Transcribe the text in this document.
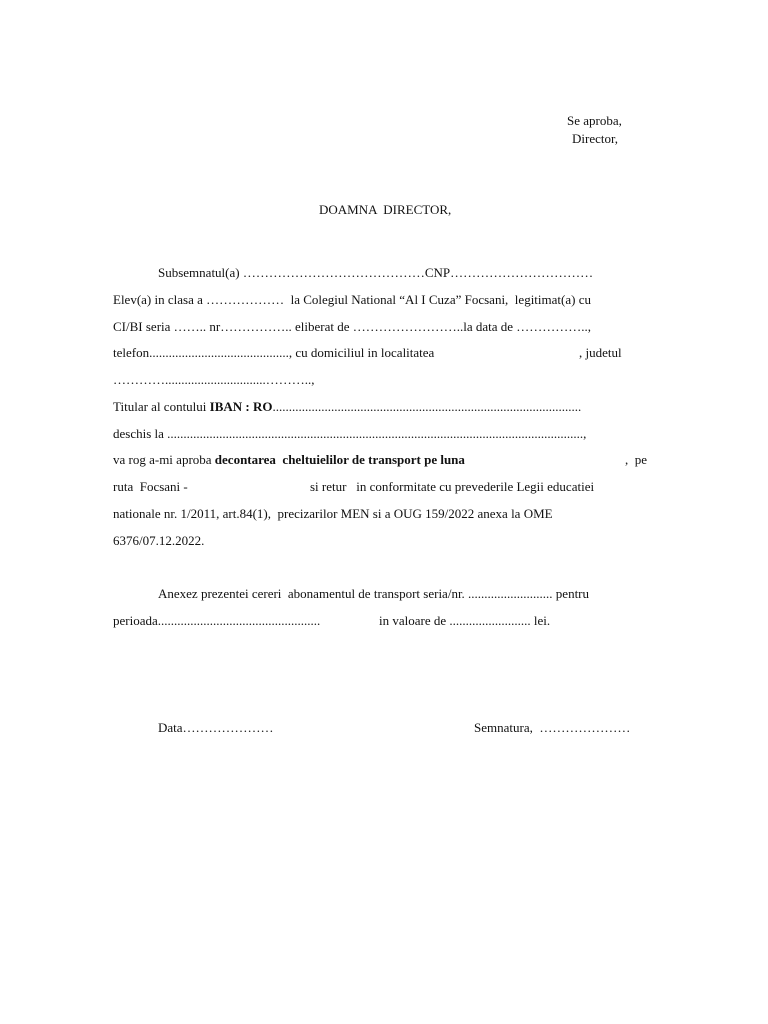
Se aproba,
Director,
DOAMNA  DIRECTOR,
Subsemnatul(a) ……………………………………CNP……………………………
Elev(a) in clasa a ………………  la Colegiul National “Al I Cuza” Focsani,  legitimat(a) cu
CI/BI seria …….. nr…………….. eliberat de ……………………..la data de ……………..,
telefon..........................................., cu domiciliul in localitatea	, judetul
…………...............................………..,
Titular al contului IBAN : RO...............................................................................................
deschis la ................................................................................................................................,
va rog a-mi aproba decontarea  cheltuielilor de transport pe luna	,  pe
ruta  Focsani -	si retur   in conformitate cu prevederile Legii educatiei
nationale nr. 1/2011, art.84(1),  precizarilor MEN si a OUG 159/2022 anexa la OME
6376/07.12.2022.
Anexez prezentei cereri  abonamentul de transport seria/nr. .......................... pentru
perioada..................................................	in valoare de ......................... lei.
Data…………………	Semnatura,  …………………
